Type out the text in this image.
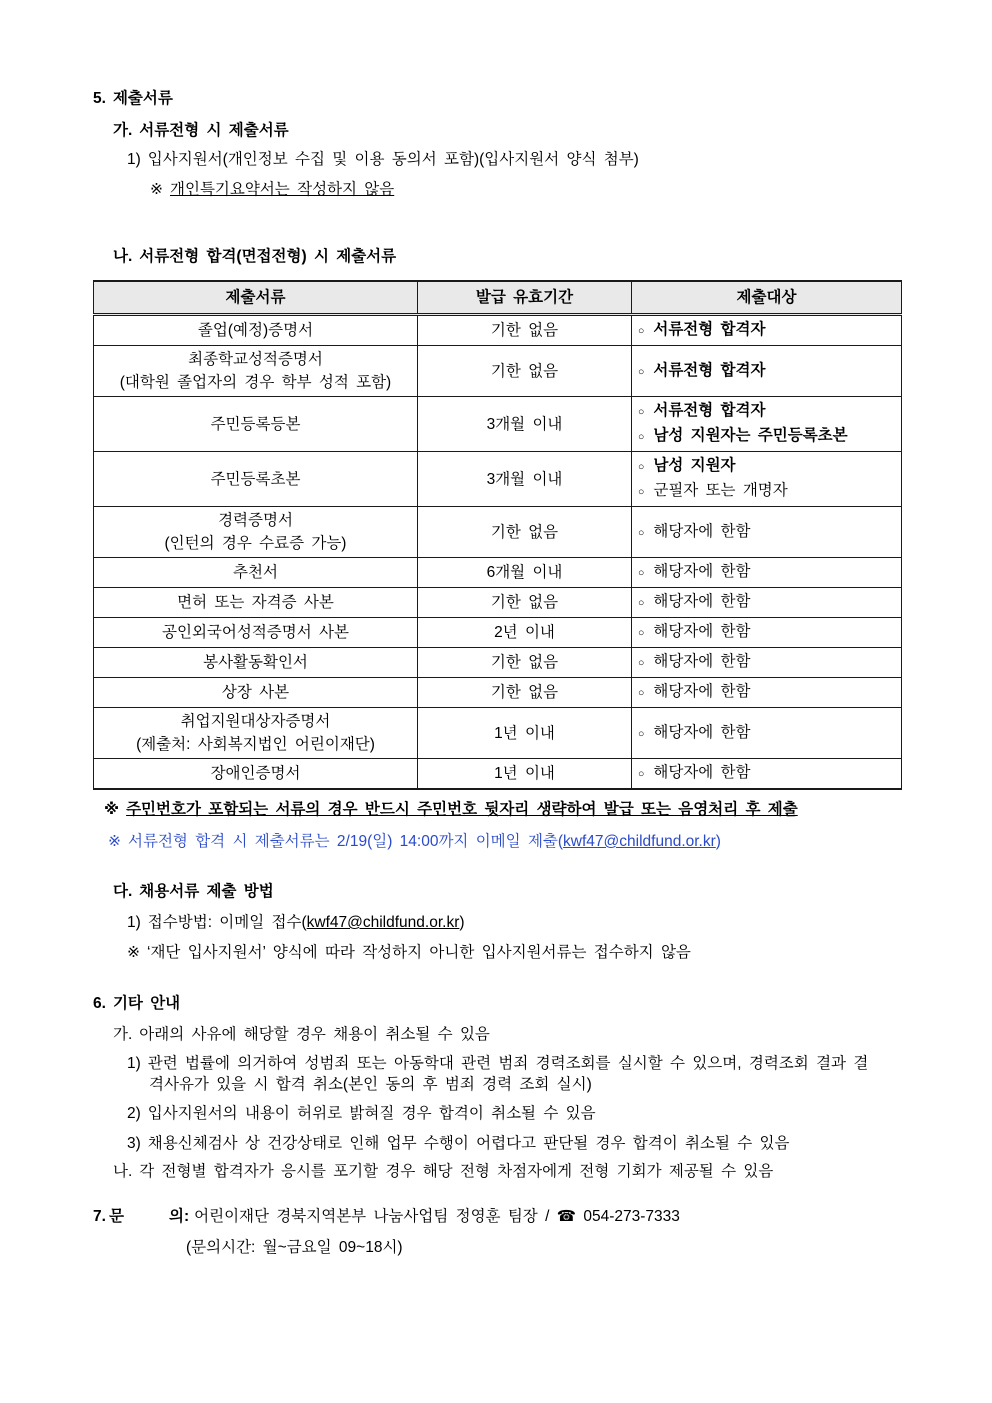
5. 제출서류
가. 서류전형 시 제출서류
1) 입사지원서(개인정보 수집 및 이용 동의서 포함)(입사지원서 양식 첨부)
※ 개인특기요약서는 작성하지 않음
나. 서류전형 합격(면접전형) 시 제출서류
제출서류	발급 유효기간	제출대상

졸업(예정)증명서	기한 없음	○ 서류전형 합격자

최종학교성적증명서
(대학원 졸업자의 경우 학부 성적 포함)
	기한 없음	○ 서류전형 합격자

주민등록등본	3개월 이내	○ 서류전형 합격자
○ 남성 지원자는 주민등록초본

주민등록초본	3개월 이내	○ 남성 지원자
○ 군필자 또는 개명자

경력증명서
(인턴의 경우 수료증 가능)
	기한 없음	○ 해당자에 한함

추천서	6개월 이내	○ 해당자에 한함

면허 또는 자격증 사본	기한 없음	○ 해당자에 한함

공인외국어성적증명서 사본	2년 이내	○ 해당자에 한함

봉사활동확인서	기한 없음	○ 해당자에 한함

상장 사본	기한 없음	○ 해당자에 한함

취업지원대상자증명서
(제출처: 사회복지법인 어린이재단)
	1년 이내	○ 해당자에 한함

장애인증명서	1년 이내	○ 해당자에 한함
※ 주민번호가 포함되는 서류의 경우 반드시 주민번호 뒷자리 생략하여 발급 또는 음영처리 후 제출
※ 서류전형 합격 시 제출서류는 2/19(일) 14:00까지 이메일 제출(kwf47@childfund.or.kr)
다. 채용서류 제출 방법
1) 접수방법: 이메일 접수(kwf47@childfund.or.kr)
※ ‘재단 입사지원서’ 양식에 따라 작성하지 아니한 입사지원서류는 접수하지 않음
6. 기타 안내
가. 아래의 사유에 해당할 경우 채용이 취소될 수 있음
1) 관련 법률에 의거하여 성범죄 또는 아동학대 관련 범죄 경력조회를 실시할 수 있으며, 경력조회 결과 결격사유가 있을 시 합격 취소(본인 동의 후 범죄 경력 조회 실시)
2) 입사지원서의 내용이 허위로 밝혀질 경우 합격이 취소될 수 있음
3) 채용신체검사 상 건강상태로 인해 업무 수행이 어렵다고 판단될 경우 합격이 취소될 수 있음
나. 각 전형별 합격자가 응시를 포기할 경우 해당 전형 차점자에게 전형 기회가 제공될 수 있음
7. 문	의: 어린이재단 경북지역본부 나눔사업팀 정영훈 팀장 / ☎ 054-273-7333
(문의시간: 월~금요일 09~18시)
